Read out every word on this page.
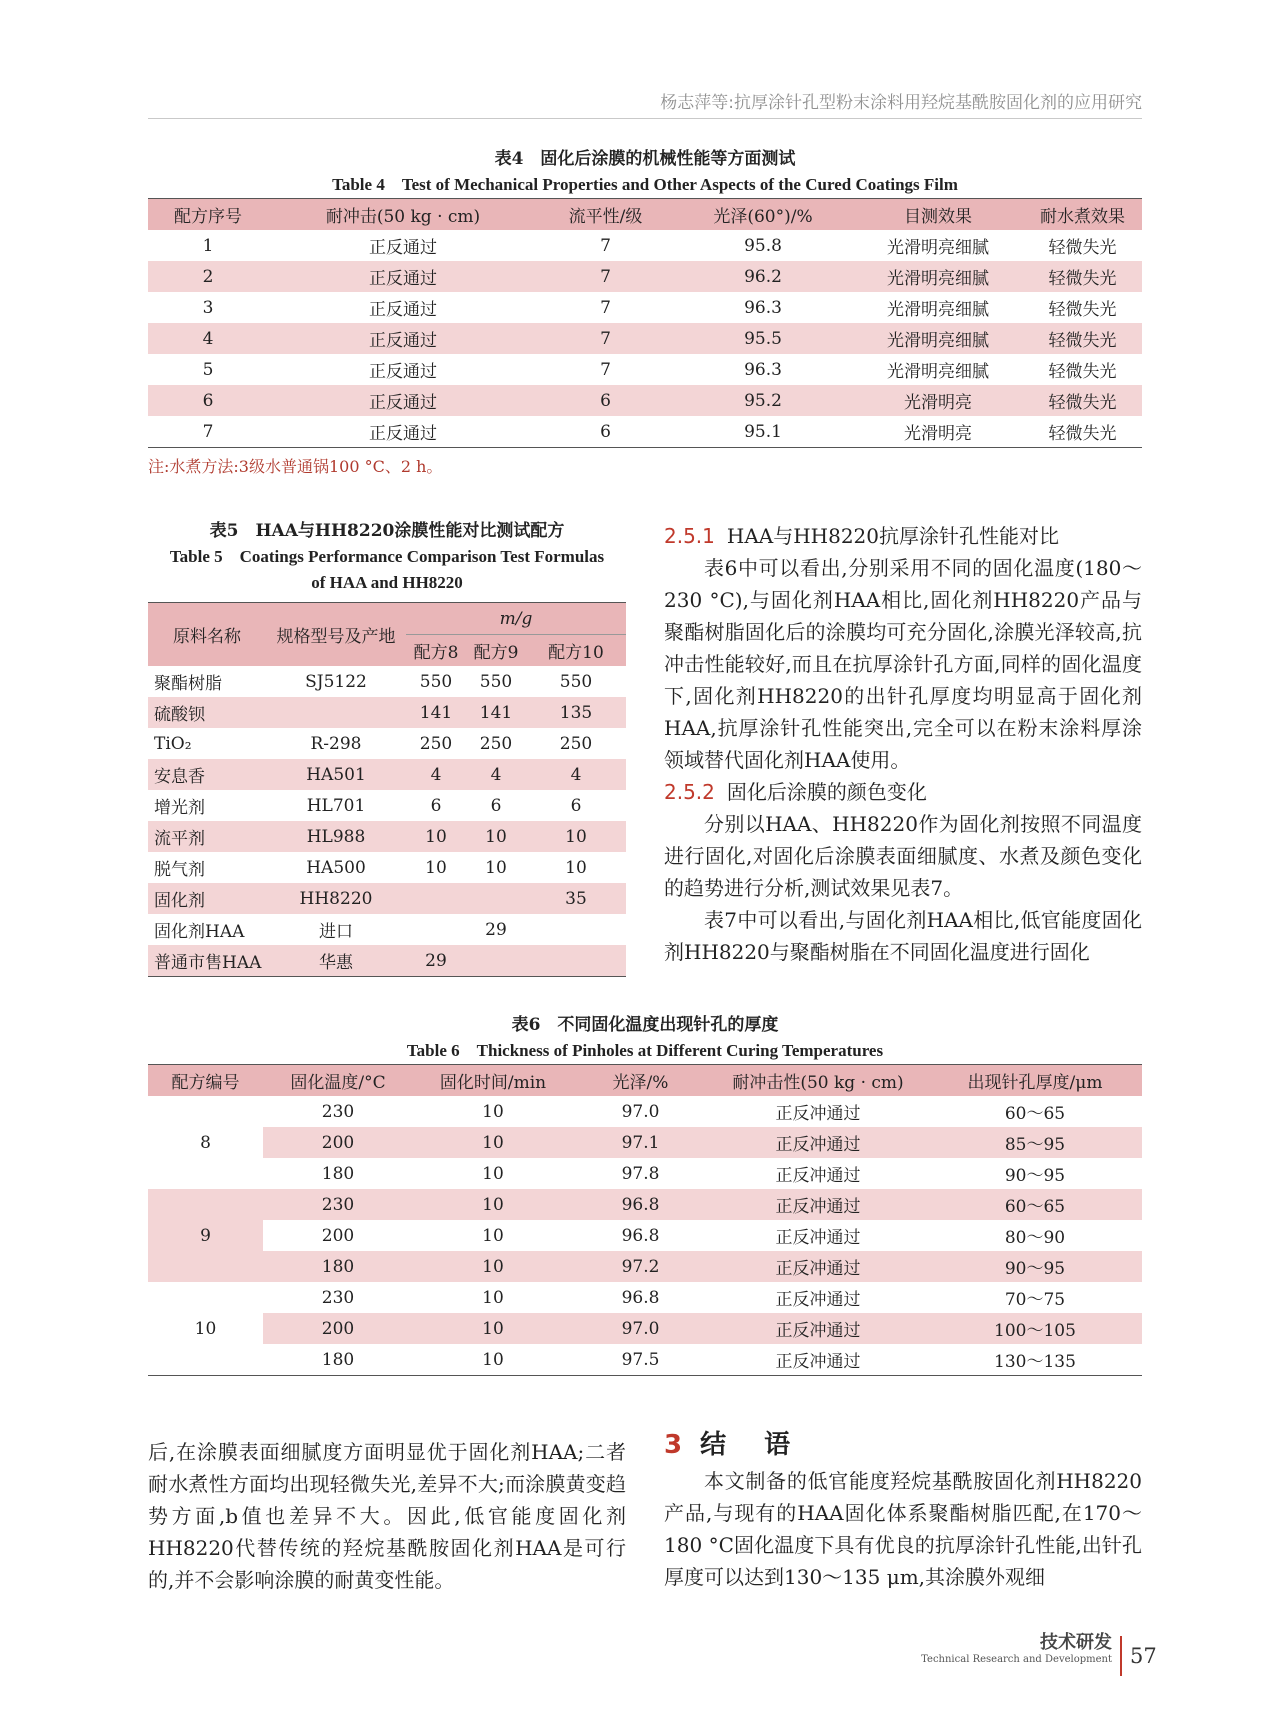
杨志萍等:抗厚涂针孔型粉末涂料用羟烷基酰胺固化剂的应用研究
表4　固化后涂膜的机械性能等方面测试
Table 4　Test of Mechanical Properties and Other Aspects of the Cured Coatings Film
配方序号	耐冲击(50 kg · cm)	流平性/级	光泽(60°)/%	目测效果	耐水煮效果
1	正反通过	7	95.8	光滑明亮细腻	轻微失光
2	正反通过	7	96.2	光滑明亮细腻	轻微失光
3	正反通过	7	96.3	光滑明亮细腻	轻微失光
4	正反通过	7	95.5	光滑明亮细腻	轻微失光
5	正反通过	7	96.3	光滑明亮细腻	轻微失光
6	正反通过	6	95.2	光滑明亮	轻微失光
7	正反通过	6	95.1	光滑明亮	轻微失光
注:水煮方法:3级水普通锅100 °C、2 h。
表5　HAA与HH8220涂膜性能对比测试配方
Table 5　Coatings Performance Comparison Test Formulas
of HAA and HH8220
原料名称	规格型号及产地	m/g		
		配方8	配方9	配方10
聚酯树脂	SJ5122	550	550	550
硫酸钡		141	141	135
TiO₂	R-298	250	250	250
安息香	HA501	4	4	4
增光剂	HL701	6	6	6
流平剂	HL988	10	10	10
脱气剂	HA500	10	10	10
固化剂	HH8220			35
固化剂HAA	进口		29	
普通市售HAA	华惠	29		

2.5.1 HAA与HH8220抗厚涂针孔性能对比

表6中可以看出,分别采用不同的固化温度(180～230 °C),与固化剂HAA相比,固化剂HH8220产品与聚酯树脂固化后的涂膜均可充分固化,涂膜光泽较高,抗冲击性能较好,而且在抗厚涂针孔方面,同样的固化温度下,固化剂HH8220的出针孔厚度均明显高于固化剂HAA,抗厚涂针孔性能突出,完全可以在粉末涂料厚涂领域替代固化剂HAA使用。

2.5.2 固化后涂膜的颜色变化

分别以HAA、HH8220作为固化剂按照不同温度进行固化,对固化后涂膜表面细腻度、水煮及颜色变化的趋势进行分析,测试效果见表7。

表7中可以看出,与固化剂HAA相比,低官能度固化剂HH8220与聚酯树脂在不同固化温度进行固化

表6　不同固化温度出现针孔的厚度
Table 6　Thickness of Pinholes at Different Curing Temperatures
配方编号	固化温度/°C	固化时间/min	光泽/%	耐冲击性(50 kg · cm)	出现针孔厚度/μm
8	230	10	97.0	正反冲通过	60～65
	200	10	97.1	正反冲通过	85～95
	180	10	97.8	正反冲通过	90～95
9	230	10	96.8	正反冲通过	60～65
	200	10	96.8	正反冲通过	80～90
	180	10	97.2	正反冲通过	90～95
10	230	10	96.8	正反冲通过	70～75
	200	10	97.0	正反冲通过	100～105
	180	10	97.5	正反冲通过	130～135

后,在涂膜表面细腻度方面明显优于固化剂HAA;二者耐水煮性方面均出现轻微失光,差异不大;而涂膜黄变趋势方面,b值也差异不大。因此,低官能度固化剂HH8220代替传统的羟烷基酰胺固化剂HAA是可行的,并不会影响涂膜的耐黄变性能。

3 结　语

本文制备的低官能度羟烷基酰胺固化剂HH8220产品,与现有的HAA固化体系聚酯树脂匹配,在170～180 °C固化温度下具有优良的抗厚涂针孔性能,出针孔厚度可以达到130～135 μm,其涂膜外观细

技术研发
Technical Research and Development 57
